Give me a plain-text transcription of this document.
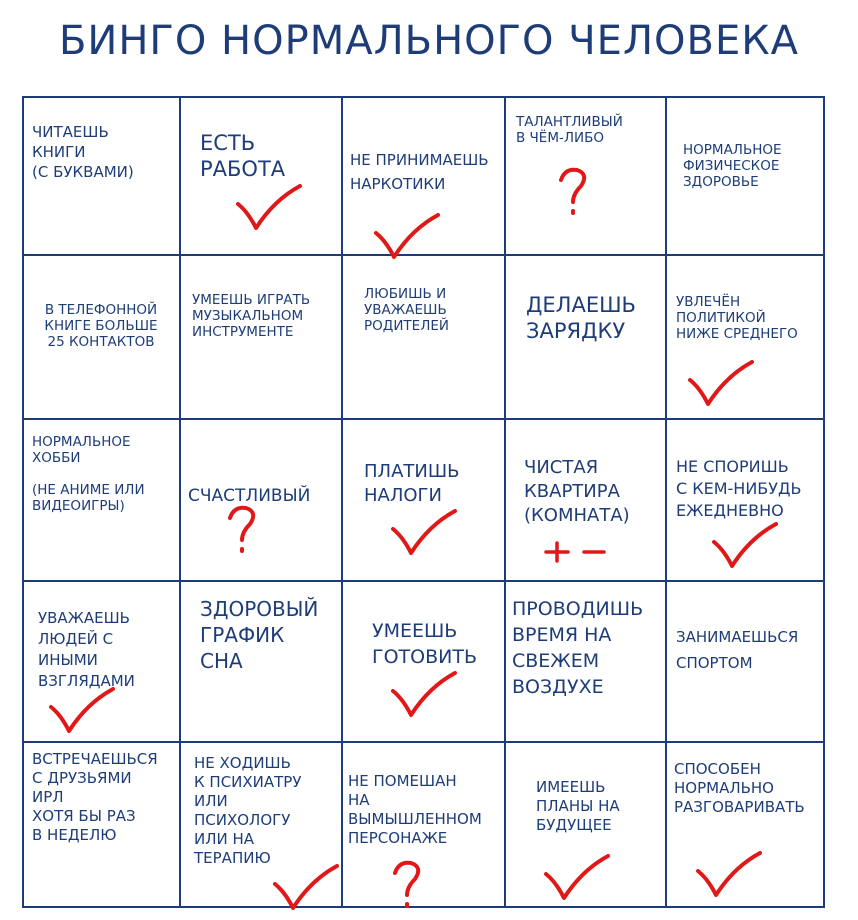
БИНГО НОРМАЛЬНОГО ЧЕЛОВЕКА
ЧИТАЕШЬ
КНИГИ
(С БУКВАМИ)
ЕСТЬ
РАБОТА	НЕ ПРИНИМАЕШЬ
НАРКОТИКИ
ТАЛАНТЛИВЫЙ
В ЧЁМ-ЛИБО
НОРМАЛЬНОЕ
ФИЗИЧЕСКОЕ
ЗДОРОВЬЕ
В ТЕЛЕФОННОЙ
КНИГЕ БОЛЬШЕ
25 КОНТАКТОВ
УМЕЕШЬ ИГРАТЬ
МУЗЫКАЛЬНОМ
ИНСТРУМЕНТЕ
ЛЮБИШЬ И
УВАЖАЕШЬ
РОДИТЕЛЕЙ
ДЕЛАЕШЬ
ЗАРЯДКУ
УВЛЕЧЁН
ПОЛИТИКОЙ
НИЖЕ СРЕДНЕГО
НОРМАЛЬНОЕ
ХОББИ

(НЕ АНИМЕ ИЛИ
ВИДЕОИГРЫ)	СЧАСТЛИВЫЙ
ПЛАТИШЬ
НАЛОГИ
ЧИСТАЯ
КВАРТИРА
(КОМНАТА)
НЕ СПОРИШЬ
С КЕМ-НИБУДЬ
ЕЖЕДНЕВНО
УВАЖАЕШЬ
ЛЮДЕЙ С
ИНЫМИ
ВЗГЛЯДАМИ
ЗДОРОВЫЙ
ГРАФИК
СНА
УМЕЕШЬ
ГОТОВИТЬ
ПРОВОДИШЬ
ВРЕМЯ НА
СВЕЖЕМ
ВОЗДУХЕ
ЗАНИМАЕШЬСЯ
СПОРТОМ
ВСТРЕЧАЕШЬСЯ
С ДРУЗЬЯМИ
ИРЛ
ХОТЯ БЫ РАЗ
В НЕДЕЛЮ
НЕ ХОДИШЬ
К ПСИХИАТРУ
ИЛИ
ПСИХОЛОГУ
ИЛИ НА
ТЕРАПИЮ
НЕ ПОМЕШАН
НА
ВЫМЫШЛЕННОМ
ПЕРСОНАЖЕ
ИМЕЕШЬ
ПЛАНЫ НА
БУДУЩЕЕ
СПОСОБЕН
НОРМАЛЬНО
РАЗГОВАРИВАТЬ
